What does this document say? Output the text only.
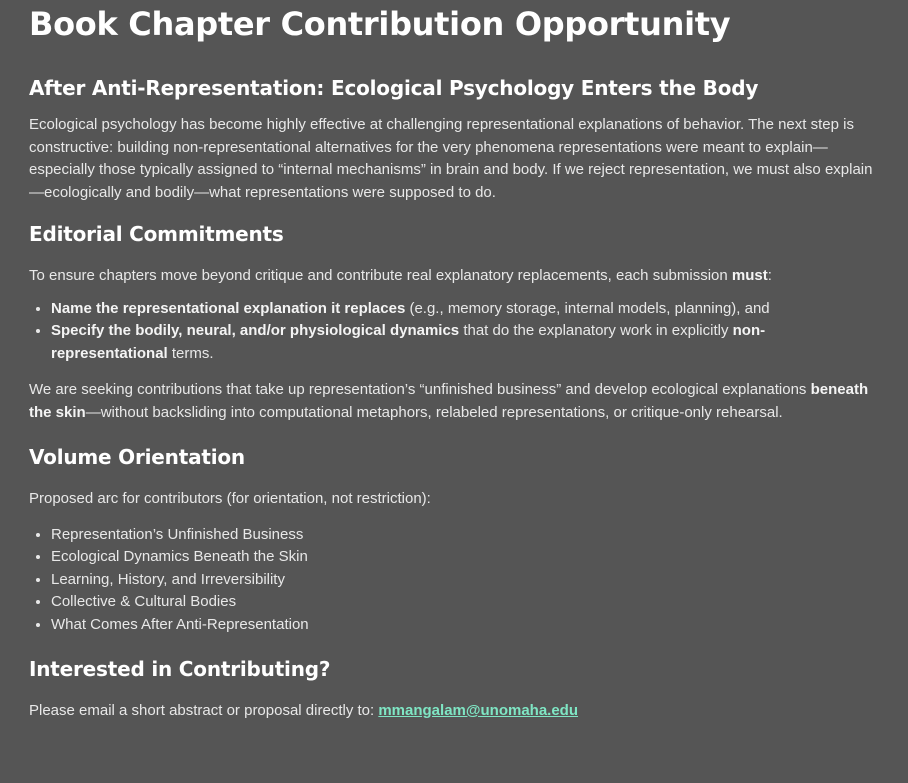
Book Chapter Contribution Opportunity
After Anti-Representation: Ecological Psychology Enters the Body

Ecological psychology has become highly effective at challenging representational explanations of behavior. The next step is constructive: building non-representational alternatives for the very phenomena representations were meant to explain—especially those typically assigned to “internal mechanisms” in brain and body. If we reject representation, we must also explain—ecologically and bodily—what representations were supposed to do.

Editorial Commitments

To ensure chapters move beyond critique and contribute real explanatory replacements, each submission must:

• Name the representational explanation it replaces (e.g., memory storage, internal models, planning), and
• Specify the bodily, neural, and/or physiological dynamics that do the explanatory work in explicitly non-representational terms.

We are seeking contributions that take up representation’s “unfinished business” and develop ecological explanations beneath the skin—without backsliding into computational metaphors, relabeled representations, or critique-only rehearsal.

Volume Orientation

Proposed arc for contributors (for orientation, not restriction):

• Representation’s Unfinished Business
• Ecological Dynamics Beneath the Skin
• Learning, History, and Irreversibility
• Collective & Cultural Bodies
• What Comes After Anti-Representation
Interested in Contributing?

Please email a short abstract or proposal directly to: mmangalam@unomaha.edu
